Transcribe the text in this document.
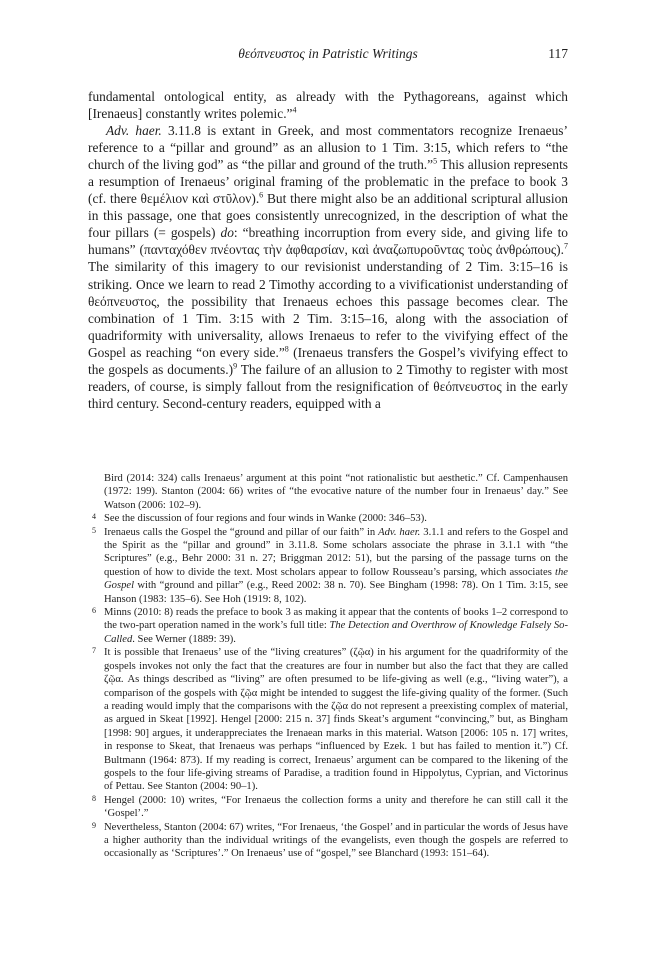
θεόπνευστος in Patristic Writings	117

fundamental ontological entity, as already with the Pythagoreans, against which [Irenaeus] constantly writes polemic.”$^4$

Adv. haer. 3.11.8 is extant in Greek, and most commentators recognize Irenaeus’ reference to a “pillar and ground” as an allusion to 1 Tim. 3:15, which refers to “the church of the living god” as “the pillar and ground of the truth.”$^5$ This allusion represents a resumption of Irenaeus’ original framing of the problematic in the preface to book 3 (cf. there θεμέλιον καὶ στῦλον).$^6$ But there might also be an additional scriptural allusion in this passage, one that goes consistently unrecognized, in the description of what the four pillars (= gospels) do: “breathing incorruption from every side, and giving life to humans” (πανταχόθεν πνέοντας τὴν ἀφθαρσίαν, καὶ ἀναζωπυροῦντας τοὺς ἀνθρώπους).$^7$ The similarity of this imagery to our revisionist understanding of 2 Tim. 3:15–16 is striking. Once we learn to read 2 Timothy according to a vivificationist understanding of θεόπνευστος, the possibility that Irenaeus echoes this passage becomes clear. The combination of 1 Tim. 3:15 with 2 Tim. 3:15–16, along with the association of quadriformity with universality, allows Irenaeus to refer to the vivifying effect of the Gospel as reaching “on every side.”$^8$ (Irenaeus transfers the Gospel’s vivifying effect to the gospels as documents.)$^9$ The failure of an allusion to 2 Timothy to register with most readers, of course, is simply fallout from the resignification of θεόπνευστος in the early third century. Second-century readers, equipped with a

Bird (2014: 324) calls Irenaeus’ argument at this point “not rationalistic but aesthetic.” Cf. Campenhausen (1972: 199). Stanton (2004: 66) writes of “the evocative nature of the number four in Irenaeus’ day.” See Watson (2006: 102–9).

4 See the discussion of four regions and four winds in Wanke (2000: 346–53).

5 Irenaeus calls the Gospel the “ground and pillar of our faith” in Adv. haer. 3.1.1 and refers to the Gospel and the Spirit as the “pillar and ground” in 3.11.8. Some scholars associate the phrase in 3.1.1 with “the Scriptures” (e.g., Behr 2000: 31 n. 27; Briggman 2012: 51), but the parsing of the passage turns on the question of how to divide the text. Most scholars appear to follow Rousseau’s parsing, which associates the Gospel with “ground and pillar” (e.g., Reed 2002: 38 n. 70). See Bingham (1998: 78). On 1 Tim. 3:15, see Hanson (1983: 135–6). See Hoh (1919: 8, 102).

6 Minns (2010: 8) reads the preface to book 3 as making it appear that the contents of books 1–2 correspond to the two-part operation named in the work’s full title: The Detection and Overthrow of Knowledge Falsely So-Called. See Werner (1889: 39).

7 It is possible that Irenaeus’ use of the “living creatures” (ζῷα) in his argument for the quadriformity of the gospels invokes not only the fact that the creatures are four in number but also the fact that they are called ζῷα. As things described as “living” are often presumed to be life-giving as well (e.g., “living water”), a comparison of the gospels with ζῷα might be intended to suggest the life-giving quality of the former. (Such a reading would imply that the comparisons with the ζῷα do not represent a preexisting complex of material, as argued in Skeat [1992]. Hengel [2000: 215 n. 37] finds Skeat’s argument “convincing,” but, as Bingham [1998: 90] argues, it underappreciates the Irenaean marks in this material. Watson [2006: 105 n. 17] writes, in response to Skeat, that Irenaeus was perhaps “influenced by Ezek. 1 but has failed to mention it.”) Cf. Bultmann (1964: 873). If my reading is correct, Irenaeus’ argument can be compared to the likening of the gospels to the four life-giving streams of Paradise, a tradition found in Hippolytus, Cyprian, and Victorinus of Pettau. See Stanton (2004: 90–1).

8 Hengel (2000: 10) writes, “For Irenaeus the collection forms a unity and therefore he can still call it the ‘Gospel’.”

9 Nevertheless, Stanton (2004: 67) writes, “For Irenaeus, ‘the Gospel’ and in particular the words of Jesus have a higher authority than the individual writings of the evangelists, even though the gospels are referred to occasionally as ‘Scriptures’.” On Irenaeus’ use of “gospel,” see Blanchard (1993: 151–64).
